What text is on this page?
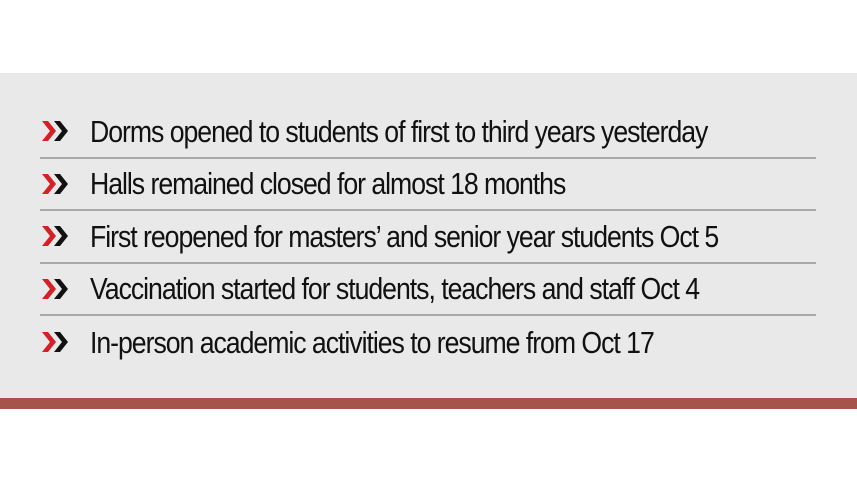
Dorms opened to students of first to third years yesterday
Halls remained closed for almost 18 months
First reopened for masters’ and senior year students Oct 5
Vaccination started for students, teachers and staff Oct 4
In-person academic activities to resume from Oct 17
